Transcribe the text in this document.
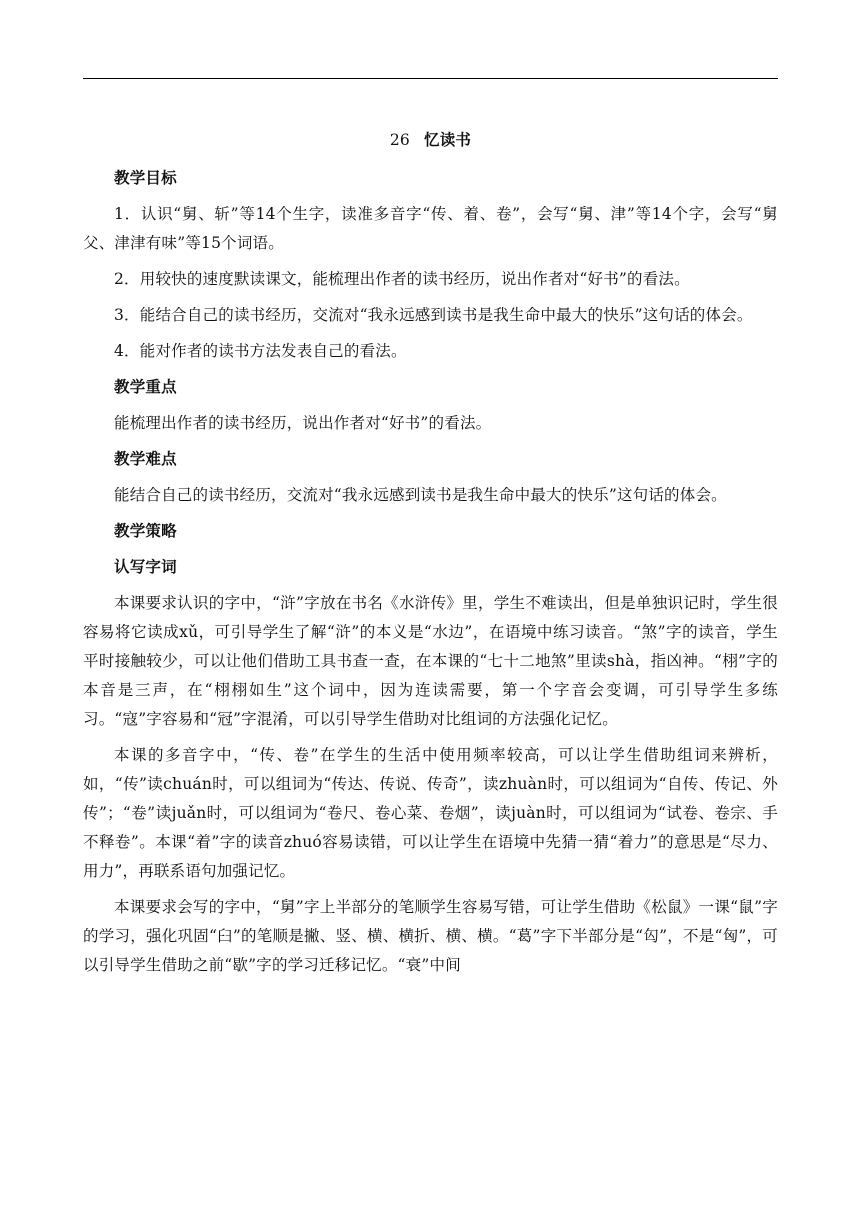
26 忆读书
教学目标

1．认识“舅、斩”等14个生字，读准多音字“传、着、卷”，会写“舅、津”等14个字，会写“舅父、津津有味”等15个词语。

2．用较快的速度默读课文，能梳理出作者的读书经历，说出作者对“好书”的看法。

3．能结合自己的读书经历，交流对“我永远感到读书是我生命中最大的快乐”这句话的体会。

4．能对作者的读书方法发表自己的看法。

教学重点

能梳理出作者的读书经历，说出作者对“好书”的看法。

教学难点

能结合自己的读书经历，交流对“我永远感到读书是我生命中最大的快乐”这句话的体会。

教学策略
认写字词

本课要求认识的字中，“浒”字放在书名《水浒传》里，学生不难读出，但是单独识记时，学生很容易将它读成xǔ，可引导学生了解“浒”的本义是“水边”，在语境中练习读音。“煞”字的读音，学生平时接触较少，可以让他们借助工具书查一查，在本课的“七十二地煞”里读shà，指凶神。“栩”字的本音是三声，在“栩栩如生”这个词中，因为连读需要，第一个字音会变调，可引导学生多练习。“寇”字容易和“冠”字混淆，可以引导学生借助对比组词的方法强化记忆。

本课的多音字中，“传、卷”在学生的生活中使用频率较高，可以让学生借助组词来辨析，如，“传”读chuán时，可以组词为“传达、传说、传奇”，读zhuàn时，可以组词为“自传、传记、外传”；“卷”读juǎn时，可以组词为“卷尺、卷心菜、卷烟”，读juàn时，可以组词为“试卷、卷宗、手不释卷”。本课“着”字的读音zhuó容易读错，可以让学生在语境中先猜一猜“着力”的意思是“尽力、用力”，再联系语句加强记忆。

本课要求会写的字中，“舅”字上半部分的笔顺学生容易写错，可让学生借助《松鼠》一课“鼠”字的学习，强化巩固“臼”的笔顺是撇、竖、横、横折、横、横。“葛”字下半部分是“匃”，不是“匈”，可以引导学生借助之前“歇”字的学习迁移记忆。“衰”中间
